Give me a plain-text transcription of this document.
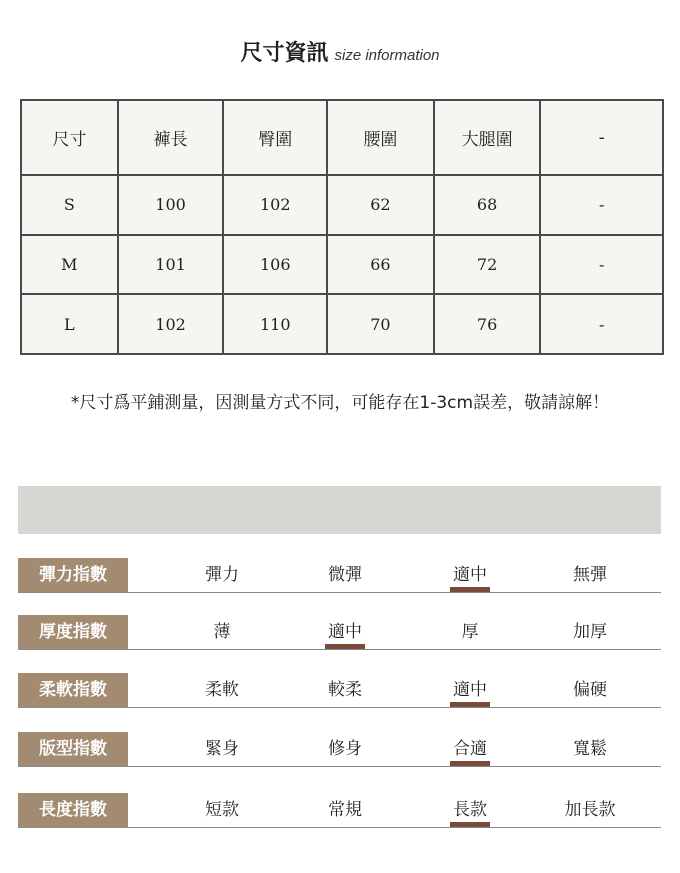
尺寸資訊 size information
尺寸	褲長	臀圍	腰圍	大腿圍	-
S	100	102	62	68	-
M	101	106	66	72	-
L	102	110	70	76	-
*尺寸爲平鋪測量，因測量方式不同，可能存在1-3cm誤差，敬請諒解！
彈力指數	彈力	微彈	適中	無彈
厚度指數	薄	適中	厚	加厚
柔軟指數	柔軟	較柔	適中	偏硬
版型指數	緊身	修身	合適	寬鬆
長度指數	短款	常規	長款	加長款
